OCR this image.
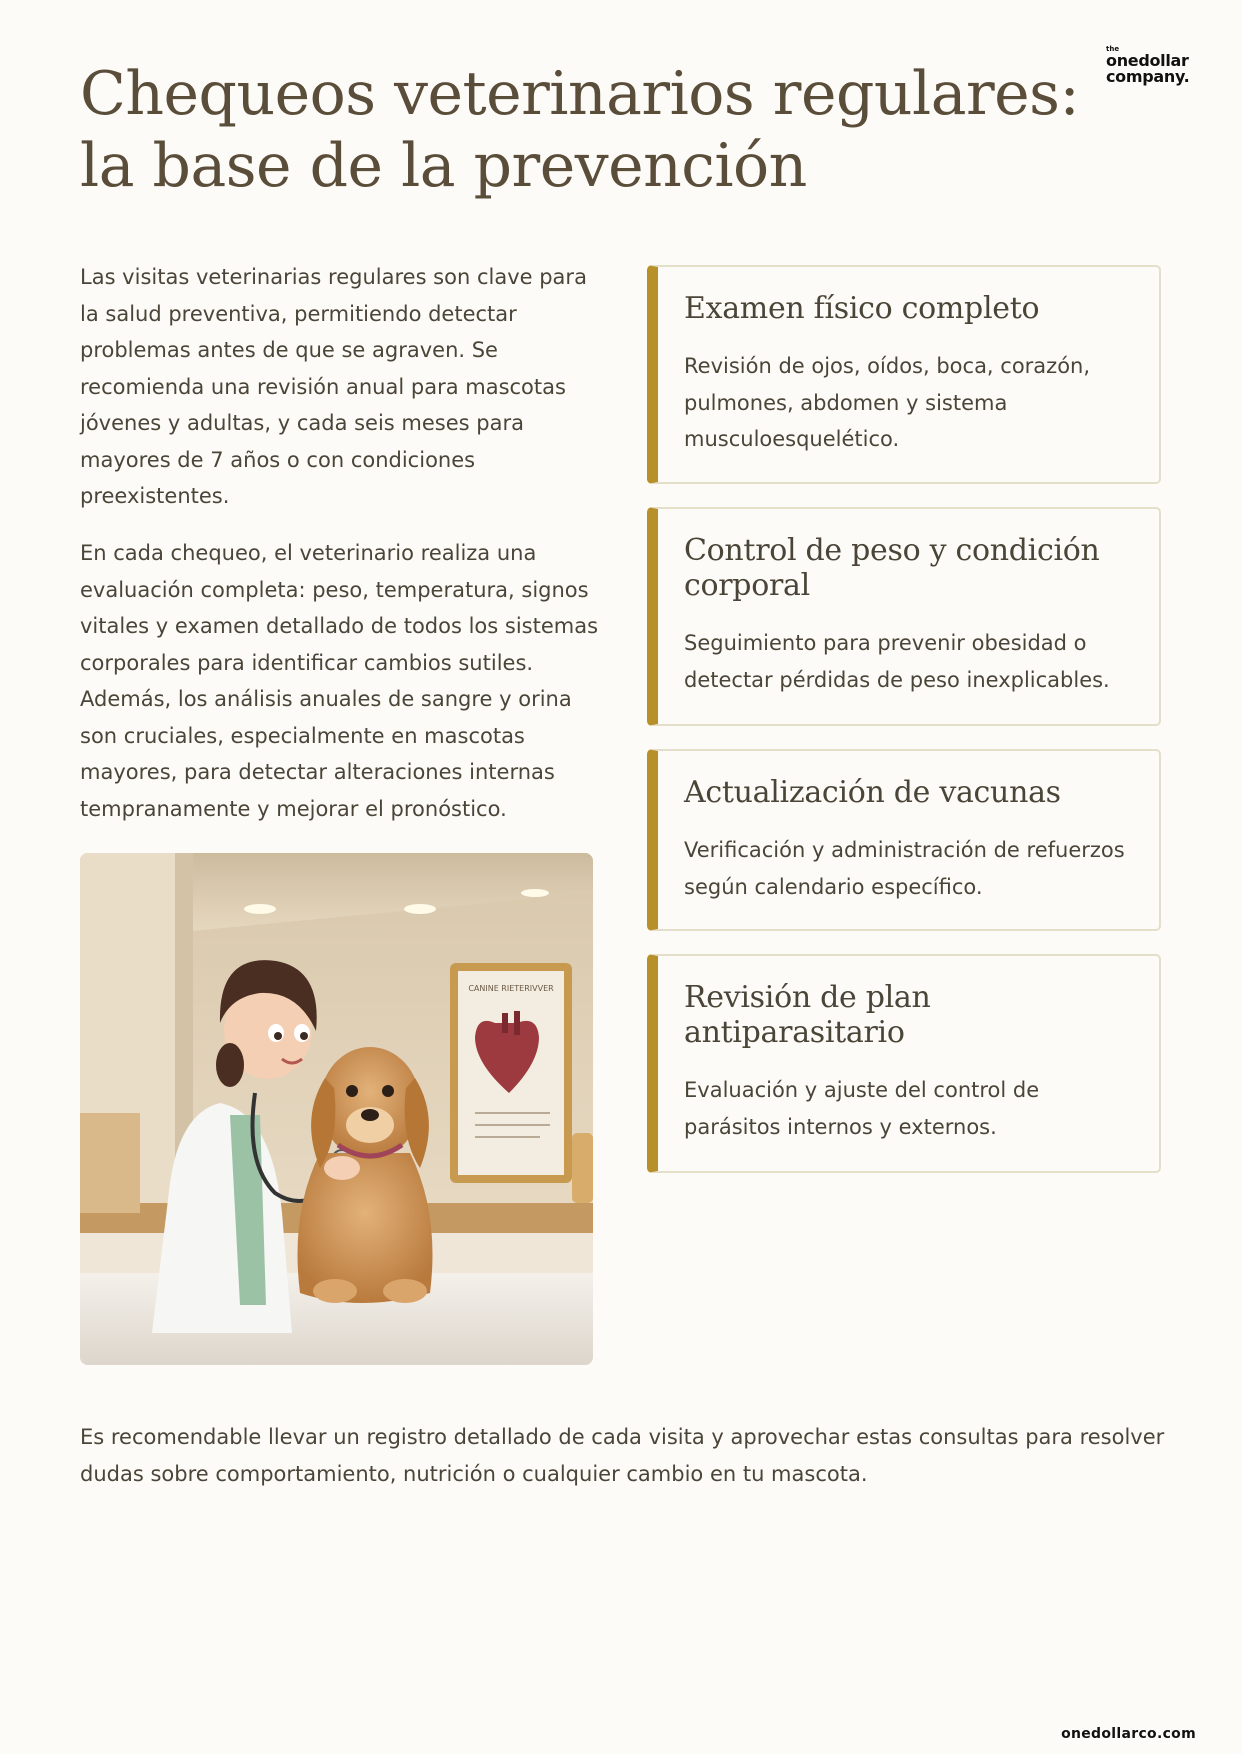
the
onedollar
company.
Chequeos veterinarios regulares: la base de la prevención

Las visitas veterinarias regulares son clave para la salud preventiva, permitiendo detectar problemas antes de que se agraven. Se recomienda una revisión anual para mascotas jóvenes y adultas, y cada seis meses para mayores de 7 años o con condiciones preexistentes.

En cada chequeo, el veterinario realiza una evaluación completa: peso, temperatura, signos vitales y examen detallado de todos los sistemas corporales para identificar cambios sutiles. Además, los análisis anuales de sangre y orina son cruciales, especialmente en mascotas mayores, para detectar alteraciones internas tempranamente y mejorar el pronóstico.

CANINE RIETERIVVER
Examen físico completo

Revisión de ojos, oídos, boca, corazón, pulmones, abdomen y sistema musculoesquelético.

Control de peso y condición corporal

Seguimiento para prevenir obesidad o detectar pérdidas de peso inexplicables.

Actualización de vacunas

Verificación y administración de refuerzos según calendario específico.

Revisión de plan antiparasitario

Evaluación y ajuste del control de parásitos internos y externos.

Es recomendable llevar un registro detallado de cada visita y aprovechar estas consultas para resolver dudas sobre comportamiento, nutrición o cualquier cambio en tu mascota.

onedollarco.com
